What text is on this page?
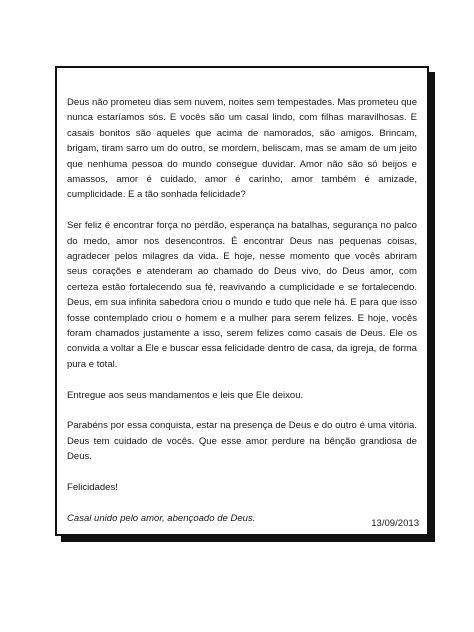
Deus não prometeu dias sem nuvem, noites sem tempestades. Mas prometeu que nunca estaríamos sós. E vocês são um casal lindo, com filhas maravilhosas. E casais bonitos são aqueles que acima de namorados, são amigos. Brincam, brigam, tiram sarro um do outro, se mordem, beliscam, mas se amam de um jeito que nenhuma pessoa do mundo consegue duvidar. Amor não são só beijos e amassos, amor é cuidado, amor é carinho, amor também é amizade, cumplicidade. E a tão sonhada felicidade?

Ser feliz é encontrar força no perdão, esperança na batalhas, segurança no palco do medo, amor nos desencontros. É encontrar Deus nas pequenas coisas, agradecer pelos milagres da vida. E hoje, nesse momento que vocês abriram seus corações e atenderam ao chamado do Deus vivo, do Deus amor, com certeza estão fortalecendo sua fé, reavivando a cumplicidade e se fortalecendo. Deus, em sua infinita sabedora criou o mundo e tudo que nele há. E para que isso fosse contemplado criou o homem e a mulher para serem felizes. E hoje, vocês foram chamados justamente a isso, serem felizes como casais de Deus. Ele os convida a voltar a Ele e buscar essa felicidade dentro de casa, da igreja, de forma pura e total.

Entregue aos seus mandamentos e leis que Ele deixou.

Parabéns por essa conquista, estar na presença de Deus e do outro é uma vitória. Deus tem cuidado de vocês. Que esse amor perdure na bênção grandiosa de Deus.

Felicidades!

Casal unido pelo amor, abençoado de Deus.	13/09/2013
